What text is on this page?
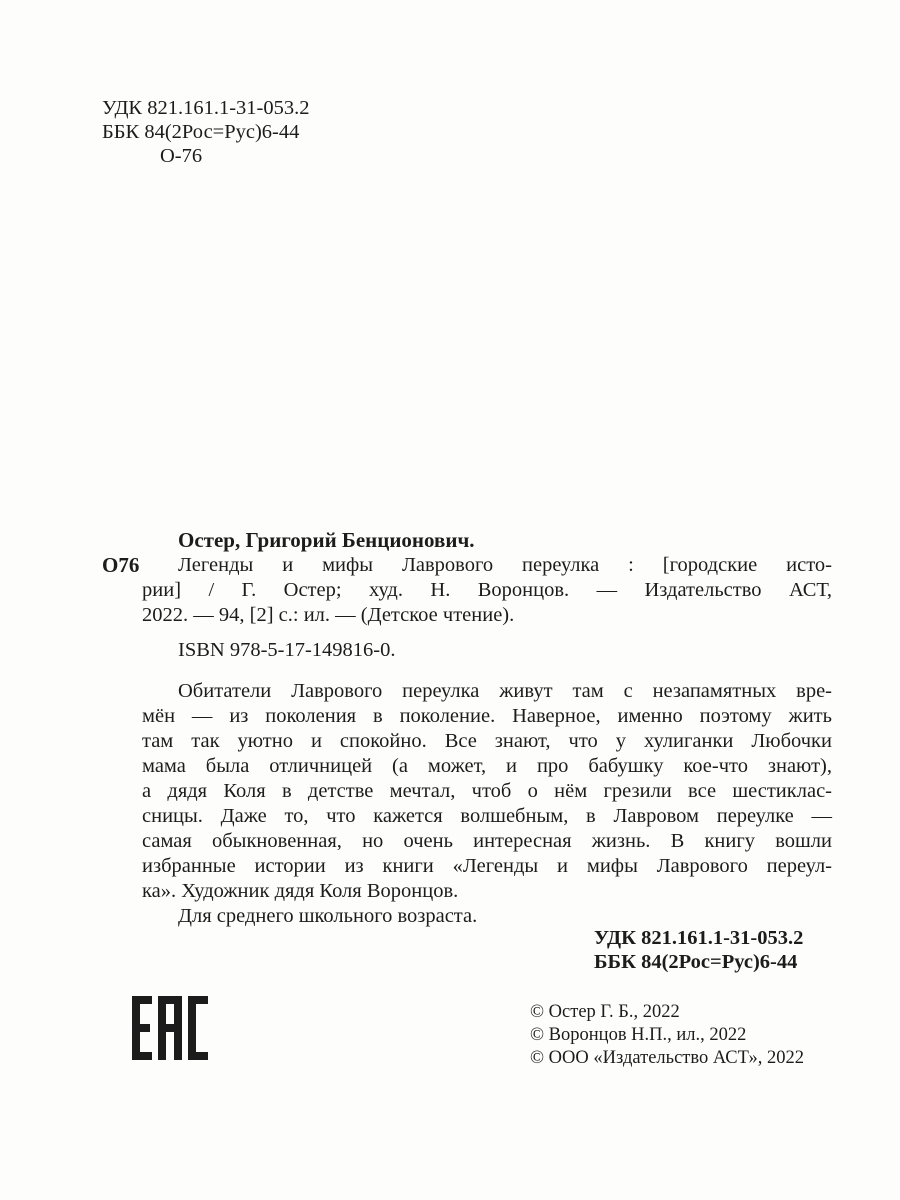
УДК 821.161.1-31-053.2
ББК 84(2Рос=Рус)6-44
О-76
Остер, Григорий Бенционович.
О76 Легенды и мифы Лаврового переулка : [городские исто-
рии] / Г. Остер; худ. Н. Воронцов. — Издательство АСТ,
2022. — 94, [2] с.: ил. — (Детское чтение).
ISBN 978-5-17-149816-0.
Обитатели Лаврового переулка живут там с незапамятных вре-
мён — из поколения в поколение. Наверное, именно поэтому жить
там так уютно и спокойно. Все знают, что у хулиганки Любочки
мама была отличницей (а может, и про бабушку кое-что знают),
а дядя Коля в детстве мечтал, чтоб о нём грезили все шестиклас-
сницы. Даже то, что кажется волшебным, в Лавровом переулке —
самая обыкновенная, но очень интересная жизнь. В книгу вошли
избранные истории из книги «Легенды и мифы Лаврового переул-
ка». Художник дядя Коля Воронцов.
Для среднего школьного возраста.
УДК 821.161.1-31-053.2
ББК 84(2Рос=Рус)6-44
© Остер Г. Б., 2022
© Воронцов Н.П., ил., 2022
© ООО «Издательство АСТ», 2022
